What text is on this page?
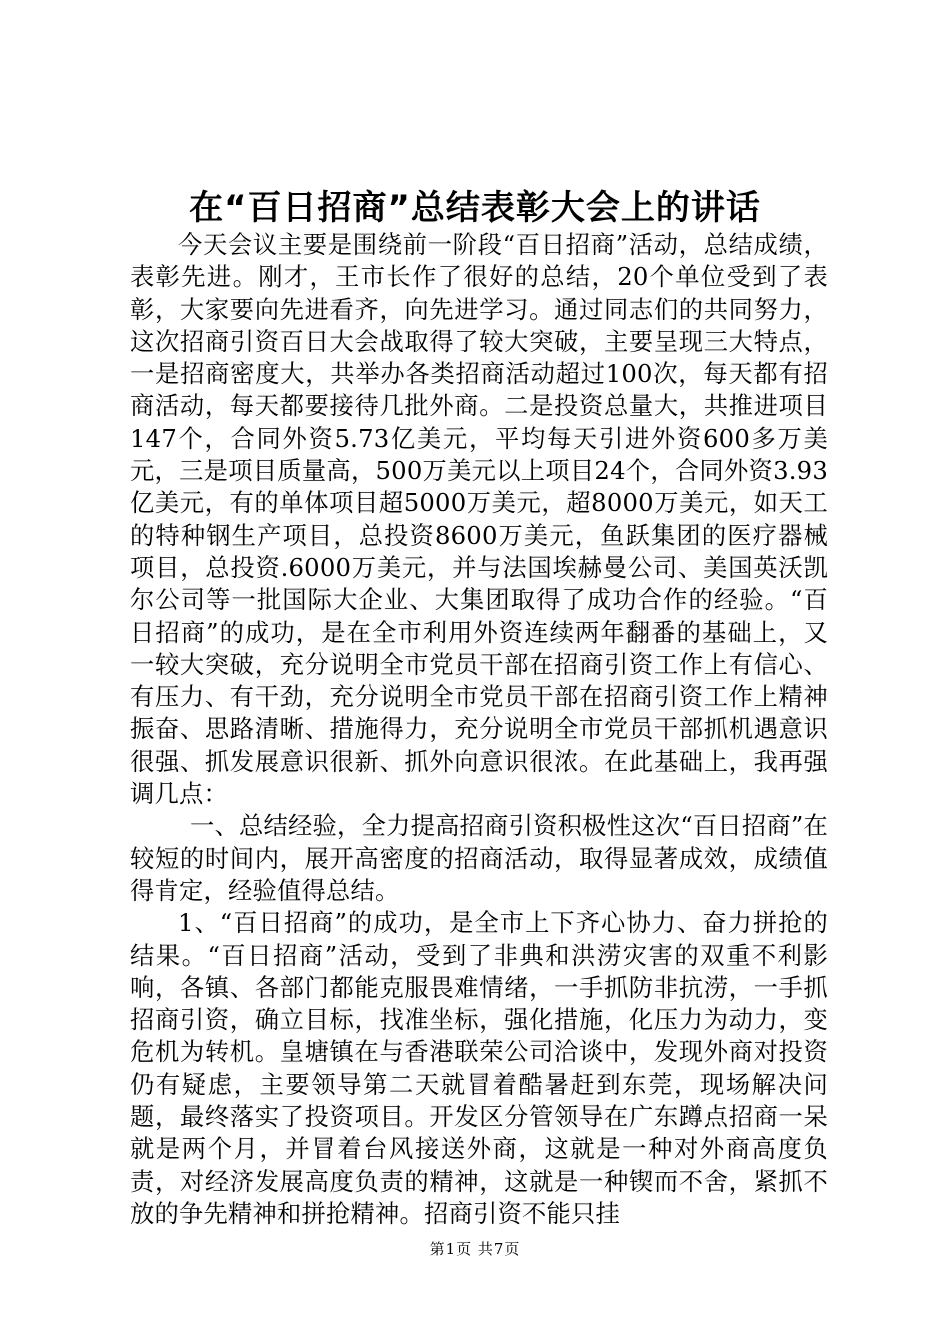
在“百日招商”总结表彰大会上的讲话

今天会议主要是围绕前一阶段“百日招商”活动，总结成绩，表彰先进。刚才，王市长作了很好的总结，20个单位受到了表彰，大家要向先进看齐，向先进学习。通过同志们的共同努力，这次招商引资百日大会战取得了较大突破，主要呈现三大特点，一是招商密度大，共举办各类招商活动超过100次，每天都有招商活动，每天都要接待几批外商。二是投资总量大，共推进项目147个，合同外资5.73亿美元，平均每天引进外资600多万美元，三是项目质量高，500万美元以上项目24个，合同外资3.93亿美元，有的单体项目超5000万美元，超8000万美元，如天工的特种钢生产项目，总投资8600万美元，鱼跃集团的医疗器械项目，总投资.6000万美元，并与法国埃赫曼公司、美国英沃凯尔公司等一批国际大企业、大集团取得了成功合作的经验。“百日招商”的成功，是在全市利用外资连续两年翻番的基础上，又一较大突破，充分说明全市党员干部在招商引资工作上有信心、有压力、有干劲，充分说明全市党员干部在招商引资工作上精神振奋、思路清晰、措施得力，充分说明全市党员干部抓机遇意识很强、抓发展意识很新、抓外向意识很浓。在此基础上，我再强调几点：

一、总结经验，全力提高招商引资积极性这次“百日招商”在较短的时间内，展开高密度的招商活动，取得显著成效，成绩值得肯定，经验值得总结。

1、“百日招商”的成功，是全市上下齐心协力、奋力拼抢的结果。“百日招商”活动，受到了非典和洪涝灾害的双重不利影响，各镇、各部门都能克服畏难情绪，一手抓防非抗涝，一手抓招商引资，确立目标，找准坐标，强化措施，化压力为动力，变危机为转机。皇塘镇在与香港联荣公司洽谈中，发现外商对投资仍有疑虑，主要领导第二天就冒着酷暑赶到东莞，现场解决问题，最终落实了投资项目。开发区分管领导在广东蹲点招商一呆就是两个月，并冒着台风接送外商，这就是一种对外商高度负责，对经济发展高度负责的精神，这就是一种锲而不舍，紧抓不放的争先精神和拼抢精神。招商引资不能只挂

第1页 共7页
